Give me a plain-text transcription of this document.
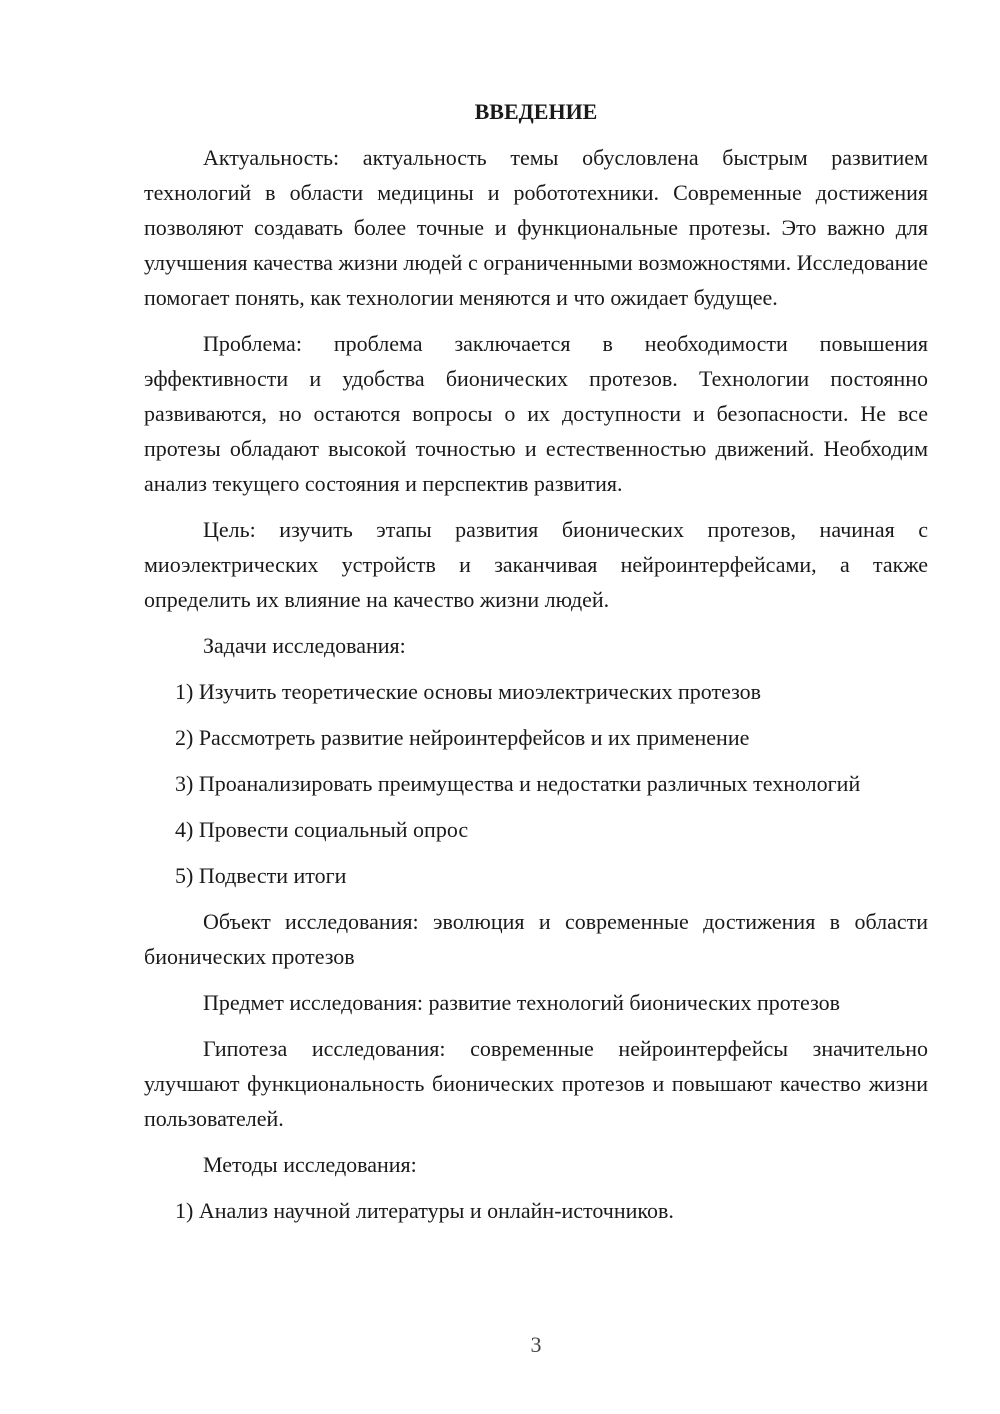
ВВЕДЕНИЕ

Актуальность: актуальность темы обусловлена быстрым развитием технологий в области медицины и робототехники. Современные достижения позволяют создавать более точные и функциональные протезы. Это важно для улучшения качества жизни людей с ограниченными возможностями. Исследование помогает понять, как технологии меняются и что ожидает будущее.

Проблема: проблема заключается в необходимости повышения эффективности и удобства бионических протезов. Технологии постоянно развиваются, но остаются вопросы о их доступности и безопасности. Не все протезы обладают высокой точностью и естественностью движений. Необходим анализ текущего состояния и перспектив развития.

Цель: изучить этапы развития бионических протезов, начиная с миоэлектрических устройств и заканчивая нейроинтерфейсами, а также определить их влияние на качество жизни людей.

Задачи исследования:

1) Изучить теоретические основы миоэлектрических протезов

2) Рассмотреть развитие нейроинтерфейсов и их применение

3) Проанализировать преимущества и недостатки различных технологий

4) Провести социальный опрос

5) Подвести итоги

Объект исследования: эволюция и современные достижения в области бионических протезов

Предмет исследования: развитие технологий бионических протезов

Гипотеза исследования: современные нейроинтерфейсы значительно улучшают функциональность бионических протезов и повышают качество жизни пользователей.

Методы исследования:

1) Анализ научной литературы и онлайн-источников.

3
